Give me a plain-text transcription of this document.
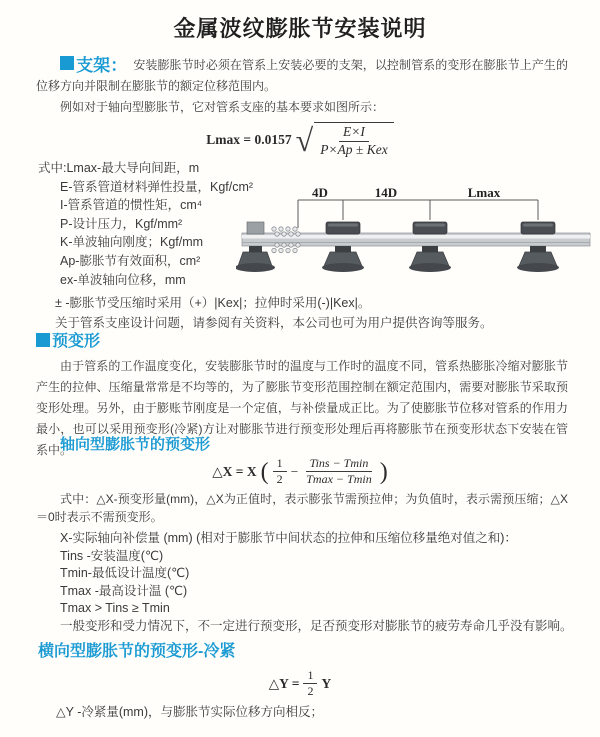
金属波纹膨胀节安装说明

支架： 安装膨胀节时必须在管系上安装必要的支架，以控制管系的变形在膨胀节上产生的位移方向并限制在膨胀节的额定位移范围内。

例如对于轴向型膨胀节，它对管系支座的基本要求如图所示：

Lmax = 0.0157 √ $\frac{E\times I}{\text{P×Ap ± Kex}}$
式中:Lmax-最大导向间距，m
E-管系管道材料弹性投量，Kgf/cm²
I-管系管道的惯性矩，cm⁴
P-设计压力，Kgf/mm²
K-单波轴向刚度；Kgf/mm
Ap-膨胀节有效面积，cm²
ex-单波轴向位移，mm
± -膨胀节受压缩时采用（+）|Kex|；拉伸时采用(-)|Kex|。
关于管系支座设计问题，请参阅有关资料，本公司也可为用户提供咨询等服务。
4D	14D	Lmax
预变形

由于管系的工作温度变化，安装膨胀节时的温度与工作时的温度不同，管系热膨胀冷缩对膨胀节产生的拉伸、压缩量常常是不均等的，为了膨胀节变形范围控制在额定范围内，需要对膨胀节采取预变形处理。另外，由于膨账节刚度是一个定值，与补偿量成正比。为了使膨胀节位移对管系的作用力最小，也可以采用预变形(冷紧)方让对膨胀节进行预变形处理后再将膨胀节在预变形状态下安装在管系中。

轴向型膨胀节的预变形
△X = X ( $\frac{1}{2} - \frac{\text{Tins − Tmin}}{Tmax - Tmin}$ )
式中：△X-预变形量(mm)，△X为正值时，表示膨张节需预拉伸；为负值时，表示需预压缩；△X＝0时表示不需预变形。
X-实际轴向补偿量 (mm) (相对于膨胀节中间状态的拉伸和压缩位移量绝对值之和)：
Tins -安装温度(℃)
Tmin-最低设计温度(℃)
Tmax -最高设计温 (℃)
Tmax > Tins ≥ Tmin
一般变形和受力情况下，不一定进行预变形，足否预变形对膨胀节的疲劳寿命几乎没有影响。
横向型膨胀节的预变形-冷紧
△Y = $\frac{1}{2}$ Y
△Y -冷紧量(mm)，与膨胀节实际位移方向相反；
